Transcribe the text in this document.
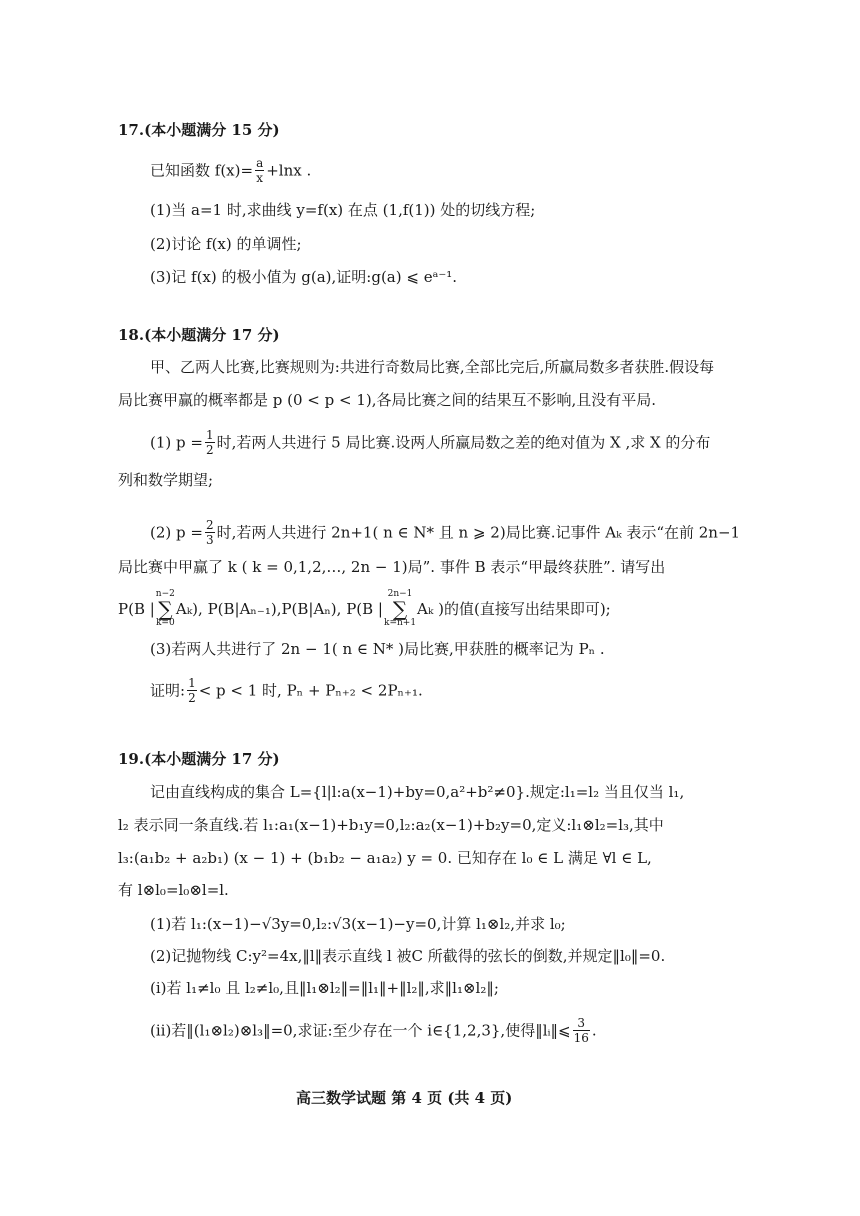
17.(本小题满分 15 分)
已知函数 $f(x)= \frac{a}{x} +\ln x$ .
(1)当 a=1 时,求曲线 y=f(x) 在点 (1,f(1)) 处的切线方程;
(2)讨论 f(x) 的单调性;
(3)记 f(x) 的极小值为 g(a),证明:g(a) ⩽ eᵃ⁻¹.
18.(本小题满分 17 分)
甲、乙两人比赛,比赛规则为:共进行奇数局比赛,全部比完后,所赢局数多者获胜.假设每
局比赛甲赢的概率都是 p (0 < p < 1),各局比赛之间的结果互不影响,且没有平局.
(1) $p = \frac{1}{2}$ 时,若两人共进行 5 局比赛.设两人所赢局数之差的绝对值为 X ,求 X 的分布
列和数学期望;
(2) $p = \frac{2}{3}$ 时,若两人共进行 2n+1( n ∈ N* 且 n ⩾ 2)局比赛.记事件 Aₖ 表示“在前 2n−1
局比赛中甲赢了 k ( k = 0,1,2,…, 2n − 1)局”. 事件 B 表示“甲最终获胜”. 请写出
P(B |
n−2
∑
k=0
Aₖ), P(B|Aₙ₋₁),P(B|Aₙ), P(B |
2n−1
∑
k=n+1
Aₖ )的值(直接写出结果即可);
(3)若两人共进行了 2n − 1( n ∈ N* )局比赛,甲获胜的概率记为 Pₙ .
证明: $\frac{1}{2} < p < 1$ 时, Pₙ + Pₙ₊₂ < 2Pₙ₊₁.
19.(本小题满分 17 分)
记由直线构成的集合 L={l|l:a(x−1)+by=0,a²+b²≠0}.规定:l₁=l₂ 当且仅当 l₁,
l₂ 表示同一条直线.若 l₁:a₁(x−1)+b₁y=0,l₂:a₂(x−1)+b₂y=0,定义:l₁⊗l₂=l₃,其中
l₃:(a₁b₂ + a₂b₁) (x − 1) + (b₁b₂ − a₁a₂) y = 0. 已知存在 l₀ ∈ L 满足 ∀l ∈ L,
有 l⊗l₀=l₀⊗l=l.
(1)若 l₁:(x−1)−√3y=0,l₂:√3(x−1)−y=0,计算 l₁⊗l₂,并求 l₀;
(2)记抛物线 C:y²=4x,‖l‖表示直线 l 被C 所截得的弦长的倒数,并规定‖l₀‖=0.
(ⅰ)若 l₁≠l₀ 且 l₂≠l₀,且‖l₁⊗l₂‖=‖l₁‖+‖l₂‖,求‖l₁⊗l₂‖;
(ⅱ)若‖(l₁⊗l₂)⊗l₃‖=0,求证:至少存在一个 i∈{1,2,3},使得‖lᵢ‖⩽ $\frac{3}{16}$ .
高三数学试题 第 4 页 (共 4 页)
